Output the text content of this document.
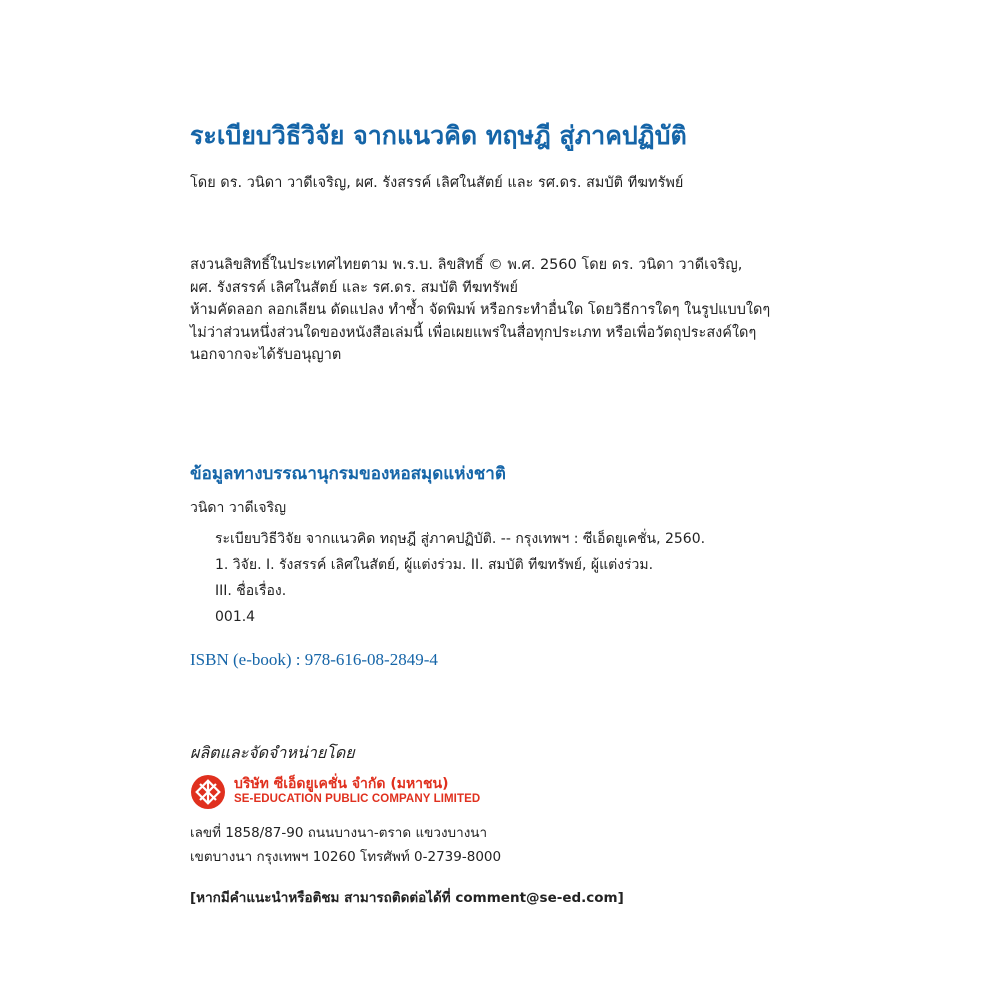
ระเบียบวิธีวิจัย จากแนวคิด ทฤษฎี สู่ภาคปฏิบัติ
โดย ดร. วนิดา วาดีเจริญ, ผศ. รังสรรค์ เลิศในสัตย์ และ รศ.ดร. สมบัติ ทีฆทรัพย์
สงวนลิขสิทธิ์ในประเทศไทยตาม พ.ร.บ. ลิขสิทธิ์ © พ.ศ. 2560 โดย ดร. วนิดา วาดีเจริญ,
ผศ. รังสรรค์ เลิศในสัตย์ และ รศ.ดร. สมบัติ ทีฆทรัพย์
ห้ามคัดลอก ลอกเลียน ดัดแปลง ทำซ้ำ จัดพิมพ์ หรือกระทำอื่นใด โดยวิธีการใดๆ ในรูปแบบใดๆ
ไม่ว่าส่วนหนึ่งส่วนใดของหนังสือเล่มนี้ เพื่อเผยแพร่ในสื่อทุกประเภท หรือเพื่อวัตถุประสงค์ใดๆ
นอกจากจะได้รับอนุญาต
ข้อมูลทางบรรณานุกรมของหอสมุดแห่งชาติ
วนิดา วาดีเจริญ
ระเบียบวิธีวิจัย จากแนวคิด ทฤษฎี สู่ภาคปฏิบัติ. -- กรุงเทพฯ : ซีเอ็ดยูเคชั่น, 2560.
1. วิจัย. I. รังสรรค์ เลิศในสัตย์, ผู้แต่งร่วม. II. สมบัติ ทีฆทรัพย์, ผู้แต่งร่วม.
III. ชื่อเรื่อง.
001.4
ISBN (e-book) : 978-616-08-2849-4
ผลิตและจัดจำหน่ายโดย
บริษัท ซีเอ็ดยูเคชั่น จำกัด (มหาชน)
SE-EDUCATION PUBLIC COMPANY LIMITED
เลขที่ 1858/87-90 ถนนบางนา-ตราด แขวงบางนา
เขตบางนา กรุงเทพฯ 10260 โทรศัพท์ 0-2739-8000
[หากมีคำแนะนำหรือติชม สามารถติดต่อได้ที่ comment@se-ed.com]
